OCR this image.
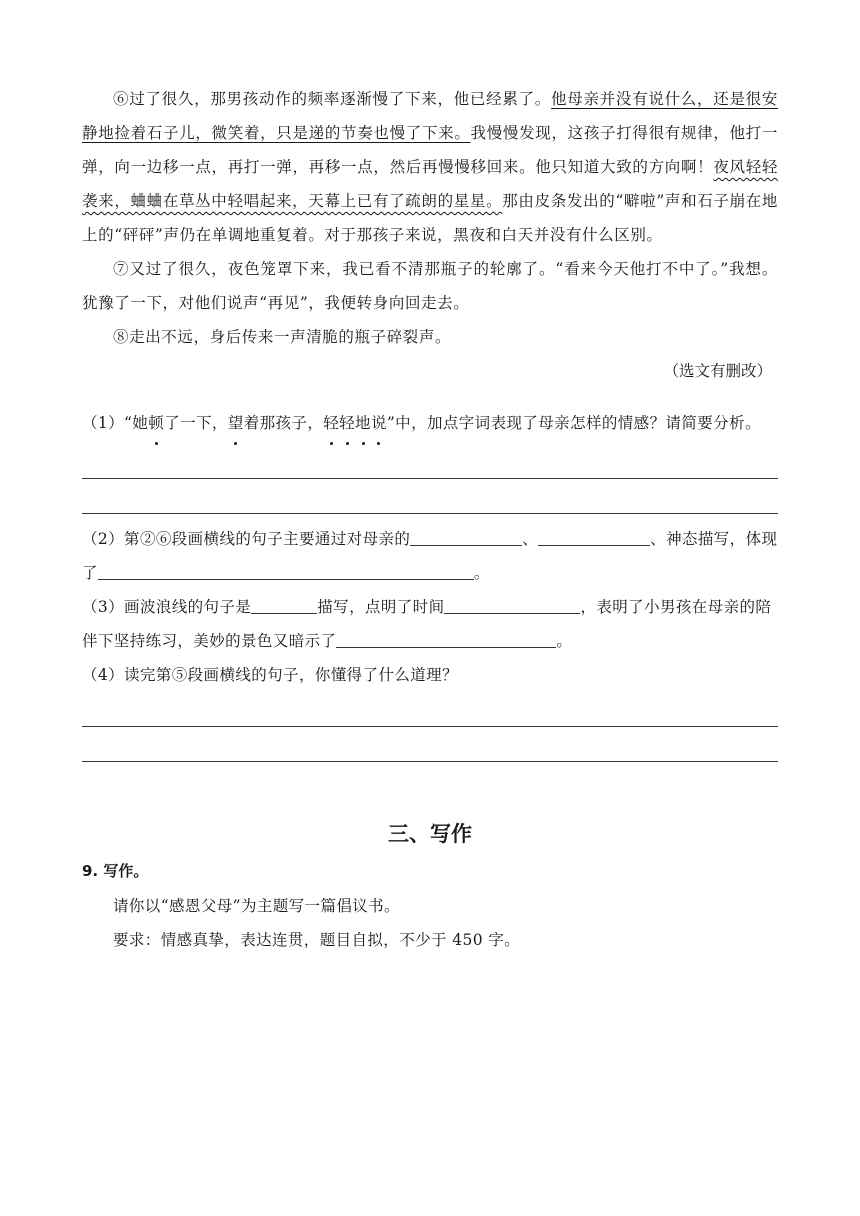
⑥过了很久，那男孩动作的频率逐渐慢了下来，他已经累了。他母亲并没有说什么，还是很安静地捡着石子儿，微笑着，只是递的节奏也慢了下来。我慢慢发现，这孩子打得很有规律，他打一弹，向一边移一点，再打一弹，再移一点，然后再慢慢移回来。他只知道大致的方向啊！夜风轻轻袭来，蛐蛐在草丛中轻唱起来，天幕上已有了疏朗的星星。那由皮条发出的“噼啦”声和石子崩在地上的“砰砰”声仍在单调地重复着。对于那孩子来说，黑夜和白天并没有什么区别。

⑦又过了很久，夜色笼罩下来，我已看不清那瓶子的轮廓了。“看来今天他打不中了。”我想。犹豫了一下，对他们说声“再见”，我便转身向回走去。

⑧走出不远，身后传来一声清脆的瓶子碎裂声。

（选文有删改）

（1）“她顿了一下，望着那孩子，轻轻地说”中，加点字词表现了母亲怎样的情感？请简要分析。

（2）第②⑥段画横线的句子主要通过对母亲的	、	、神态描写，体现了	。

（3）画波浪线的句子是	描写，点明了时间	，表明了小男孩在母亲的陪伴下坚持练习，美妙的景色又暗示了	。

（4）读完第⑤段画横线的句子，你懂得了什么道理？

三、写作

9. 写作。

请你以“感恩父母”为主题写一篇倡议书。

要求：情感真挚，表达连贯，题目自拟，不少于 450 字。
